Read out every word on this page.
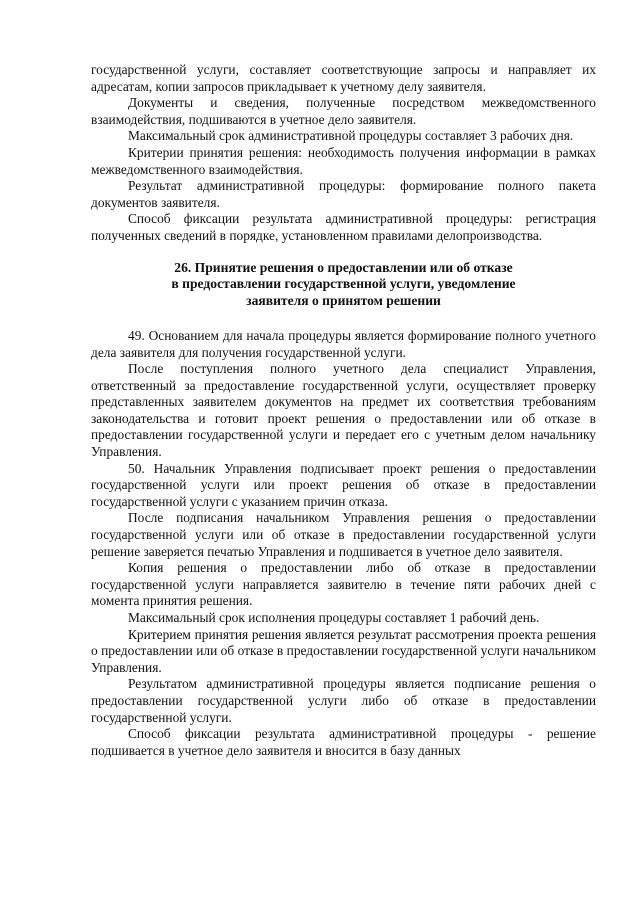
государственной услуги, составляет соответствующие запросы и направляет их адресатам, копии запросов прикладывает к учетному делу заявителя.

Документы и сведения, полученные посредством межведомственного взаимодействия, подшиваются в учетное дело заявителя.

Максимальный срок административной процедуры составляет 3 рабочих дня.

Критерии принятия решения: необходимость получения информации в рамках межведомственного взаимодействия.

Результат административной процедуры: формирование полного пакета документов заявителя.

Способ фиксации результата административной процедуры: регистрация полученных сведений в порядке, установленном правилами делопроизводства.

26. Принятие решения о предоставлении или об отказе
в предоставлении государственной услуги, уведомление
заявителя о принятом решении

49. Основанием для начала процедуры является формирование полного учетного дела заявителя для получения государственной услуги.

После поступления полного учетного дела специалист Управления, ответственный за предоставление государственной услуги, осуществляет проверку представленных заявителем документов на предмет их соответствия требованиям законодательства и готовит проект решения о предоставлении или об отказе в предоставлении государственной услуги и передает его с учетным делом начальнику Управления.

50. Начальник Управления подписывает проект решения о предоставлении государственной услуги или проект решения об отказе в предоставлении государственной услуги с указанием причин отказа.

После подписания начальником Управления решения о предоставлении государственной услуги или об отказе в предоставлении государственной услуги решение заверяется печатью Управления и подшивается в учетное дело заявителя.

Копия решения о предоставлении либо об отказе в предоставлении государственной услуги направляется заявителю в течение пяти рабочих дней с момента принятия решения.

Максимальный срок исполнения процедуры составляет 1 рабочий день.

Критерием принятия решения является результат рассмотрения проекта решения о предоставлении или об отказе в предоставлении государственной услуги начальником Управления.

Результатом административной процедуры является подписание решения о предоставлении государственной услуги либо об отказе в предоставлении государственной услуги.

Способ фиксации результата административной процедуры - решение подшивается в учетное дело заявителя и вносится в базу данных
